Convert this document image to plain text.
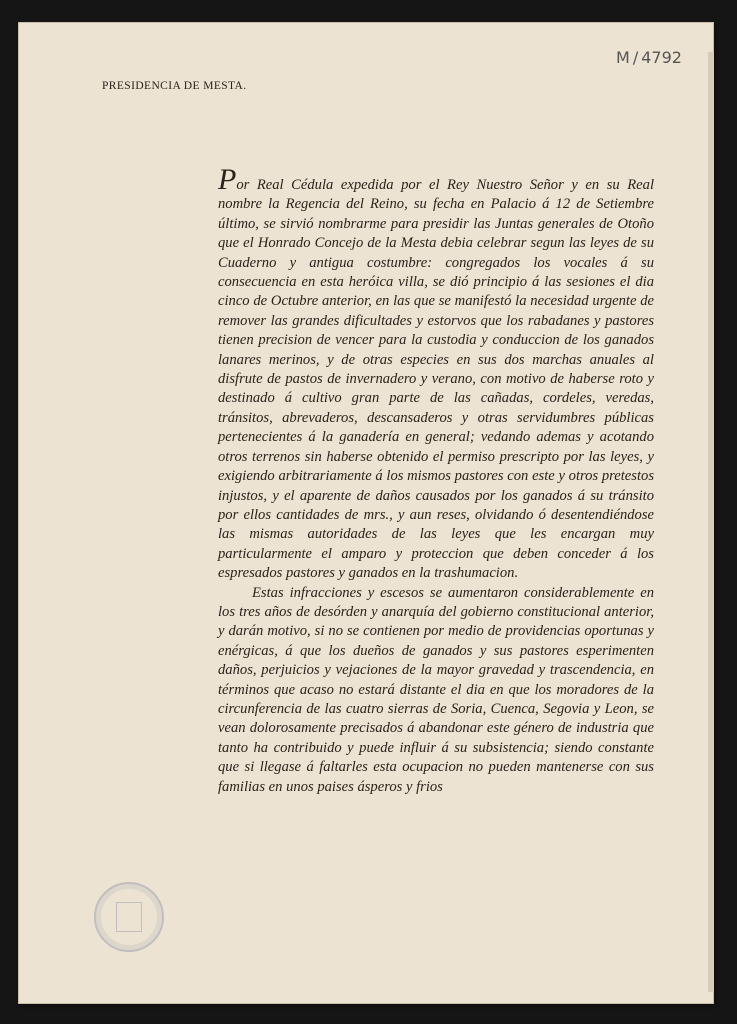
M / 4792
PRESIDENCIA DE MESTA.

Por Real Cédula expedida por el Rey Nuestro Señor y en su Real nombre la Regencia del Reino, su fecha en Palacio á 12 de Setiembre último, se sirvió nombrarme para presidir las Juntas generales de Otoño que el Honrado Concejo de la Mesta debia celebrar segun las leyes de su Cuaderno y antigua costumbre: congregados los vocales á su consecuencia en esta heróica villa, se dió principio á las sesiones el dia cinco de Octubre anterior, en las que se manifestó la necesidad urgente de remover las grandes dificultades y estorvos que los rabadanes y pastores tienen precision de vencer para la custodia y conduccion de los ganados lanares merinos, y de otras especies en sus dos marchas anuales al disfrute de pastos de invernadero y verano, con motivo de haberse roto y destinado á cultivo gran parte de las cañadas, cordeles, veredas, tránsitos, abrevaderos, descansaderos y otras servidumbres públicas pertenecientes á la ganadería en general; vedando ademas y acotando otros terrenos sin haberse obtenido el permiso prescripto por las leyes, y exigiendo arbitrariamente á los mismos pastores con este y otros pretestos injustos, y el aparente de daños causados por los ganados á su tránsito por ellos cantidades de mrs., y aun reses, olvidando ó desentendiéndose las mismas autoridades de las leyes que les encargan muy particularmente el amparo y proteccion que deben conceder á los espresados pastores y ganados en la trashumacion.

Estas infracciones y escesos se aumentaron considerablemente en los tres años de desórden y anarquía del gobierno constitucional anterior, y darán motivo, si no se contienen por medio de providencias oportunas y enérgicas, á que los dueños de ganados y sus pastores esperimenten daños, perjuicios y vejaciones de la mayor gravedad y trascendencia, en términos que acaso no estará distante el dia en que los moradores de la circunferencia de las cuatro sierras de Soria, Cuenca, Segovia y Leon, se vean dolorosamente precisados á abandonar este género de industria que tanto ha contribuido y puede influir á su subsistencia; siendo constante que si llegase á faltarles esta ocupacion no pueden mantenerse con sus familias en unos paises ásperos y frios
